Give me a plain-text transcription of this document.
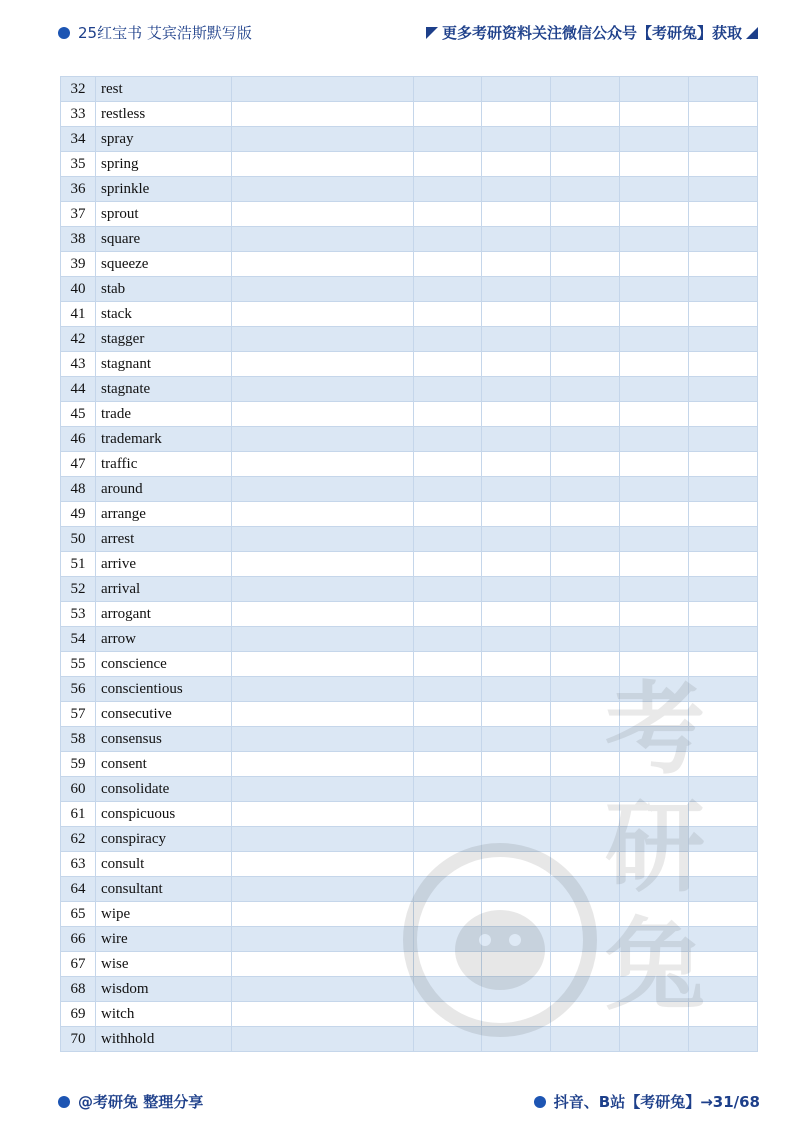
25红宝书 艾宾浩斯默写版	更多考研资料关注微信公众号【考研兔】获取
32	rest						
33	restless						
34	spray						
35	spring						
36	sprinkle						
37	sprout						
38	square						
39	squeeze						
40	stab						
41	stack						
42	stagger						
43	stagnant						
44	stagnate						
45	trade						
46	trademark						
47	traffic						
48	around						
49	arrange						
50	arrest						
51	arrive						
52	arrival						
53	arrogant						
54	arrow						
55	conscience						
56	conscientious						
57	consecutive						
58	consensus						
59	consent						
60	consolidate						
61	conspicuous						
62	conspiracy						
63	consult						
64	consultant						
65	wipe						
66	wire						
67	wise						
68	wisdom						
69	witch						
70	withhold						
@考研兔 整理分享	抖音、B站【考研兔】→31/68
